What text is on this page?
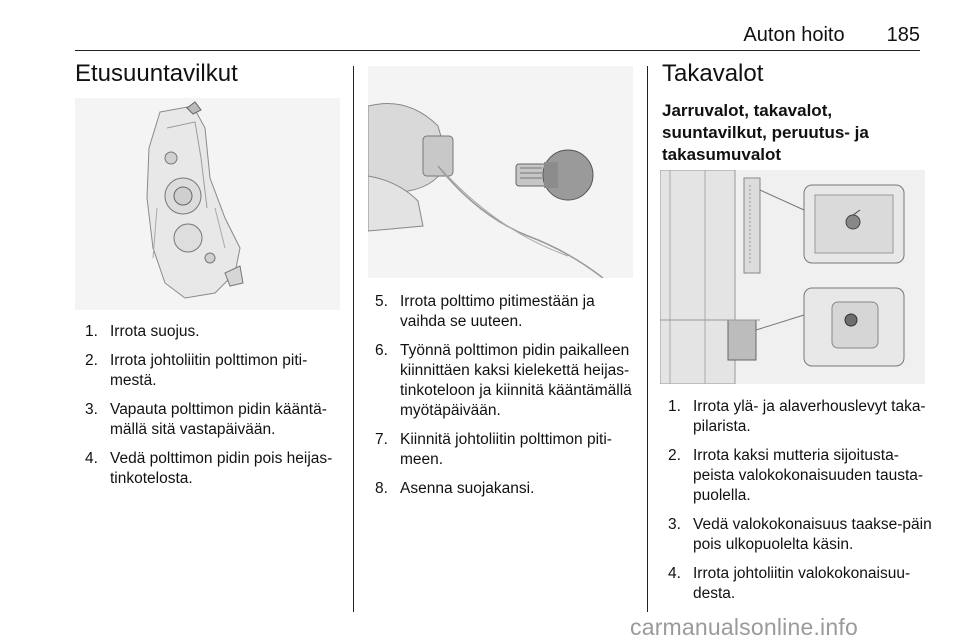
Auton hoito 185
Etusuuntavilkut
1. Irrota suojus.
2. Irrota johtoliitin polttimon piti-mestä.
3. Vapauta polttimon pidin kääntä-mällä sitä vastapäivään.
4. Vedä polttimon pidin pois heijas-tinkotelosta.
5. Irrota polttimo pitimestään ja vaihda se uuteen.
6. Työnnä polttimon pidin paikalleen kiinnittäen kaksi kielekettä heijas-tinkoteloon ja kiinnitä kääntämällä myötäpäivään.
7. Kiinnitä johtoliitin polttimon piti-meen.
8. Asenna suojakansi.
Takavalot
Jarruvalot, takavalot, suuntavilkut, peruutus- ja takasumuvalot
1. Irrota ylä- ja alaverhouslevyt taka-pilarista.
2. Irrota kaksi mutteria sijoitusta-peista valokokonaisuuden tausta-puolella.
3. Vedä valokokonaisuus taakse-päin pois ulkopuolelta käsin.
4. Irrota johtoliitin valokokonaisuu-desta.
carmanualsonline.info
